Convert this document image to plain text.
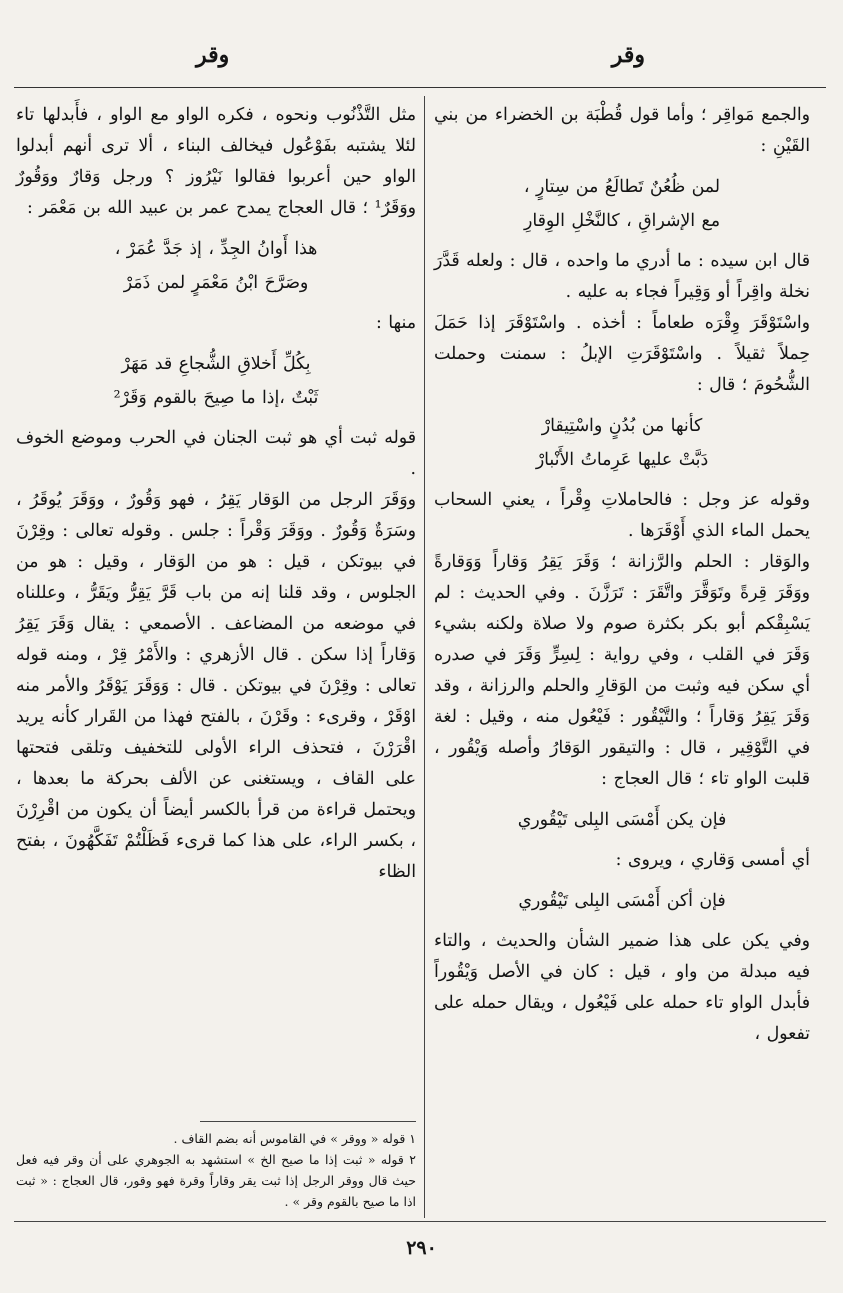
وقر
وقر

والجمع مَواقِر ؛ وأما قول قُطْبَة بن الخضراء من بني القَيْنِ :

لمن ظُعُنٌ تَطالَعُ من سِتارٍ ،

مع الإشراقِ ، كالنَّخْلِ الوِقارِ

قال ابن سيده : ما أدري ما واحده ، قال : ولعله قَدَّرَ نخلة واقِراً أو وَقِيراً فجاء به عليه .

واسْتَوْقَرَ وِقْرَه طعاماً : أخذه . واسْتَوْقَرَ إذا حَمَلَ حِملاً ثقيلاً . واسْتَوْقَرَتِ الإبلُ : سمنت وحملت الشُّحُومَ ؛ قال :

كأنها من بُدُنٍ واسْتِيقارْ

دَبَّتْ عليها عَرِماتُ الأَنْبارْ

وقوله عز وجل : فالحاملاتِ وِقْراً ، يعني السحاب يحمل الماء الذي أَوْقَرَها .

والوَقار : الحلم والرَّزانة ؛ وَقَرَ يَقِرُ وَقاراً وَوَقارةً ووَقَرَ قِرةً وتَوَقَّرَ واتَّقَرَ : تَرَزَّنَ . وفي الحديث : لم يَسْبِقْكم أبو بكر بكثرة صوم ولا صلاة ولكنه بشيء وَقَرَ في القلب ، وفي رواية : لِسِرٍّ وَقَرَ في صدره أي سكن فيه وثبت من الوَقارِ والحلم والرزانة ، وقد وَقَرَ يَقِرُ وَقاراً ؛ والتَّيْقُور : فَيْعُول منه ، وقيل : لغة في التَّوْقِير ، قال : والتيقور الوَقارُ وأصله وَيْقُور ، قلبت الواو تاء ؛ قال العجاج :

فإن يكن أَمْسَى البِلى تَيْقُوري

أي أمسى وَقاري ، ويروى :

فإن أكن أَمْسَى البِلى تَيْقُوري

وفي يكن على هذا ضمير الشأن والحديث ، والتاء فيه مبدلة من واو ، قيل : كان في الأصل وَيْقُوراً فأبدل الواو تاء حمله على فَيْعُول ، ويقال حمله على تفعول ،

مثل التَّذْنُوب ونحوه ، فكره الواو مع الواو ، فأَبدلها تاء لئلا يشتبه بفَوْعُول فيخالف البناء ، ألا ترى أنهم أبدلوا الواو حين أعربوا فقالوا نَيْرُوز ؟ ورجل وَقارٌ ووَقُورٌ ووَقَرٌ¹ ؛ قال العجاج يمدح عمر بن عبيد الله بن مَعْمَر :

هذا أَوانُ الجِدِّ ، إذ جَدَّ عُمَرْ ،

وصَرَّحَ ابْنُ مَعْمَرٍ لمن ذَمَرْ

منها :

بِكُلِّ أَخلاقِ الشُّجاعِ قد مَهَرْ

ثَبْتٌ ،إذا ما صِيحَ بالقوم وَقَرْ²

قوله ثبت أي هو ثبت الجنان في الحرب وموضع الخوف .

ووَقَرَ الرجل من الوَقار يَقِرُ ، فهو وَقُورٌ ، ووَقَرَ يُوقَرُ ، وسَرَةٌ وَقُورٌ . ووَقَرَ وَقْراً : جلس . وقوله تعالى : وقِرْنَ في بيوتكن ، قيل : هو من الوَقار ، وقيل : هو من الجلوس ، وقد قلنا إنه من باب قَرَّ يَقِرُّ ويَقَرُّ ، وعللناه في موضعه من المضاعف . الأصمعي : يقال وَقَرَ يَقِرُ وَقاراً إذا سكن . قال الأزهري : والأَمْرُ قِرْ ، ومنه قوله تعالى : وقِرْنَ في بيوتكن . قال : وَوَقَرَ يَوْقَرُ والأمر منه اوْقَرْ ، وقرىء : وقَرْنَ ، بالفتح فهذا من القَرار كأنه يريد اقْرَرْنَ ، فتحذف الراء الأولى للتخفيف وتلقى فتحتها على القاف ، ويستغنى عن الألف بحركة ما بعدها ، ويحتمل قراءة من قرأ بالكسر أيضاً أن يكون من اقْرِرْنَ ، بكسر الراء، على هذا كما قرىء فَظَلْتُمْ تَفَكَّهُونَ ، بفتح الظاء

١ قوله « ووقر » في القاموس أنه بضم القاف .

٢ قوله « ثبت إذا ما صيح الخ » استشهد به الجوهري على أن وقر فيه فعل حيث قال ووقر الرجل إذا ثبت يقر وقاراً وقرة فهو وقور، قال العجاج : « ثبت اذا ما صيح بالقوم وقر » .

٢٩٠
